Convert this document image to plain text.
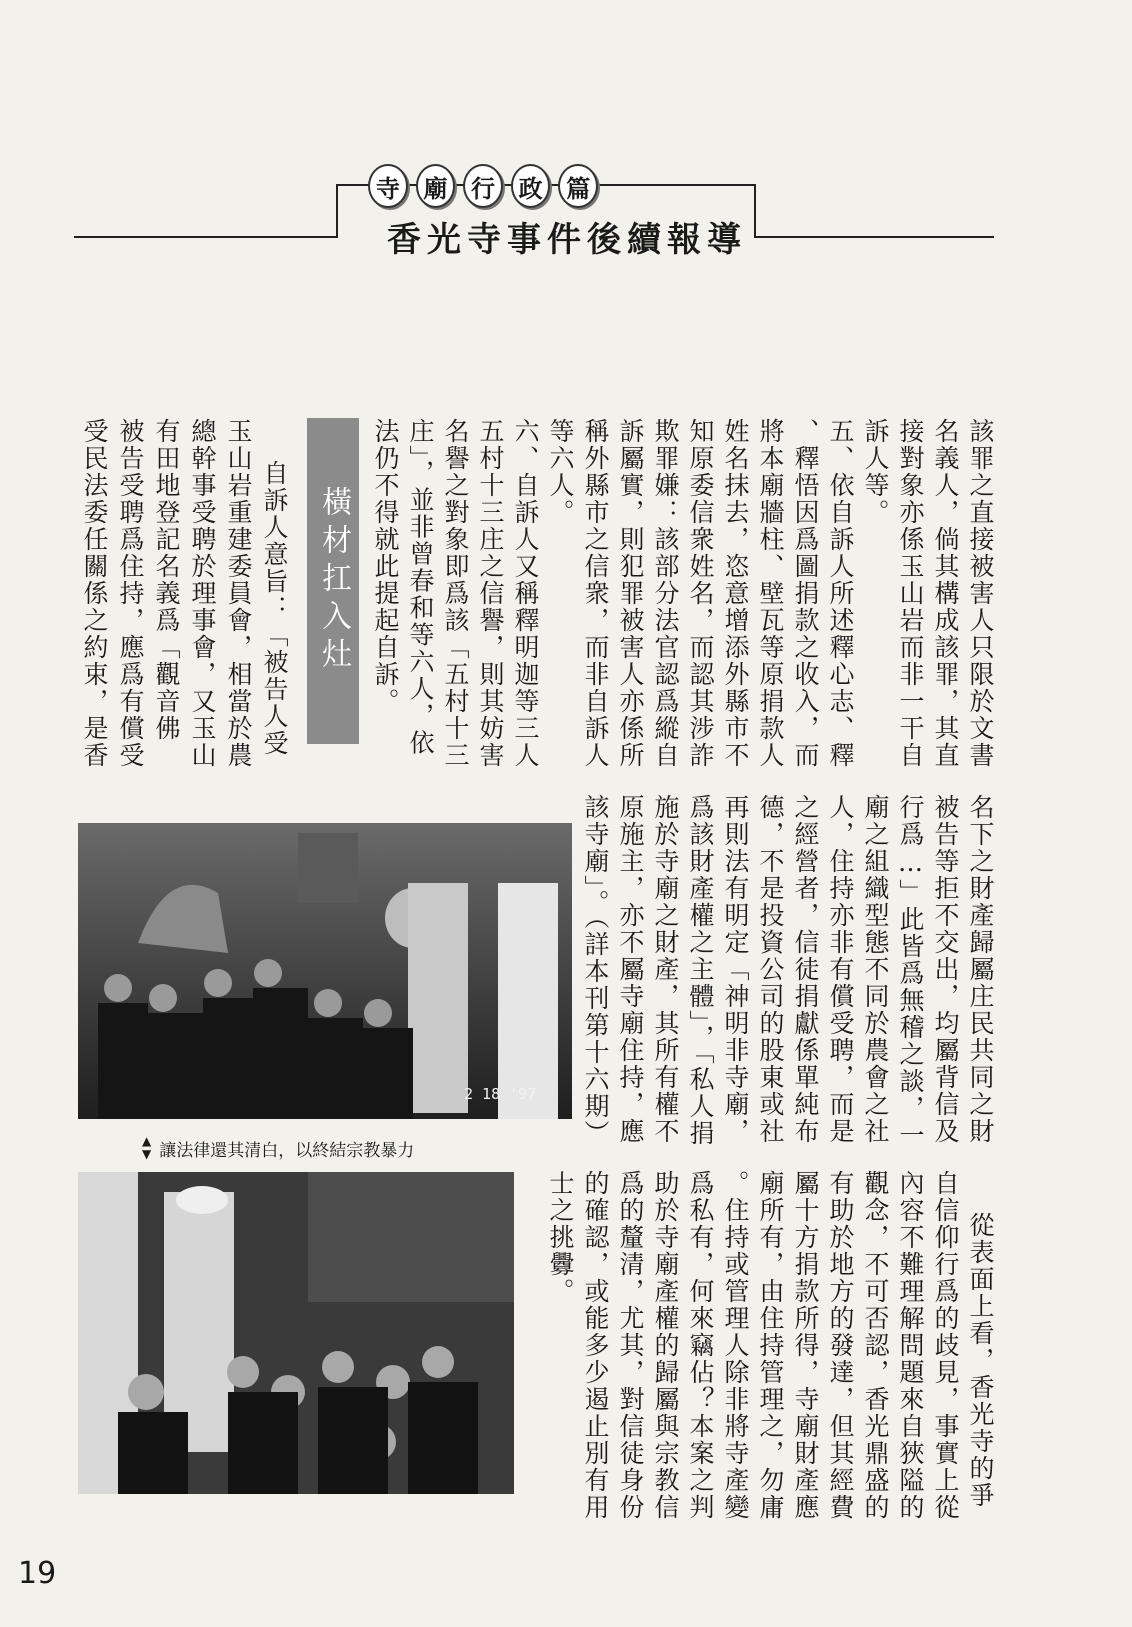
寺 廟 行 政 篇
香光寺事件後續報導
該罪之直接被害人只限於文書
名義人，倘其構成該罪，其直
接對象亦係玉山岩而非一干自
訴人等。
五、依自訴人所述釋心志、釋
、釋悟因爲圖捐款之收入，而
將本廟牆柱、壁瓦等原捐款人
姓名抹去，恣意增添外縣市不
知原委信衆姓名，而認其涉詐
欺罪嫌：該部分法官認爲縱自
訴屬實，則犯罪被害人亦係所
稱外縣市之信衆，而非自訴人
等六人。
六、自訴人又稱釋明迦等三人
五村十三庄之信譽，則其妨害
名譽之對象即爲該「五村十三
庄」，並非曾春和等六人，依
法仍不得就此提起自訴。
橫材扛入灶
自訴人意旨：「被告人受
玉山岩重建委員會，相當於農
總幹事受聘於理事會，又玉山
有田地登記名義爲「觀音佛
被告受聘爲住持，應爲有償受
受民法委任關係之約束，是香
名下之財產歸屬庄民共同之財
被告等拒不交出，均屬背信及
行爲…」此皆爲無稽之談，一
廟之組織型態不同於農會之社
人，住持亦非有償受聘，而是
之經營者，信徒捐獻係單純布
德，不是投資公司的股東或社
再則法有明定「神明非寺廟，
爲該財產權之主體」，「私人捐
施於寺廟之財產，其所有權不
原施主，亦不屬寺廟住持，應
該寺廟」。（詳本刊第十六期）
從表面上看，香光寺的爭
自信仰行爲的歧見，事實上從
內容不難理解問題來自狹隘的
觀念，不可否認，香光鼎盛的
有助於地方的發達，但其經費
屬十方捐款所得，寺廟財產應
廟所有，由住持管理之，勿庸
。住持或管理人除非將寺產變
爲私有，何來竊佔？本案之判
助於寺廟產權的歸屬與宗教信
爲的釐清，尤其，對信徒身份
的確認，或能多少遏止別有用
士之挑釁。
2 18 '97
▲
▼ 讓法律還其清白，以終結宗教暴力
19
